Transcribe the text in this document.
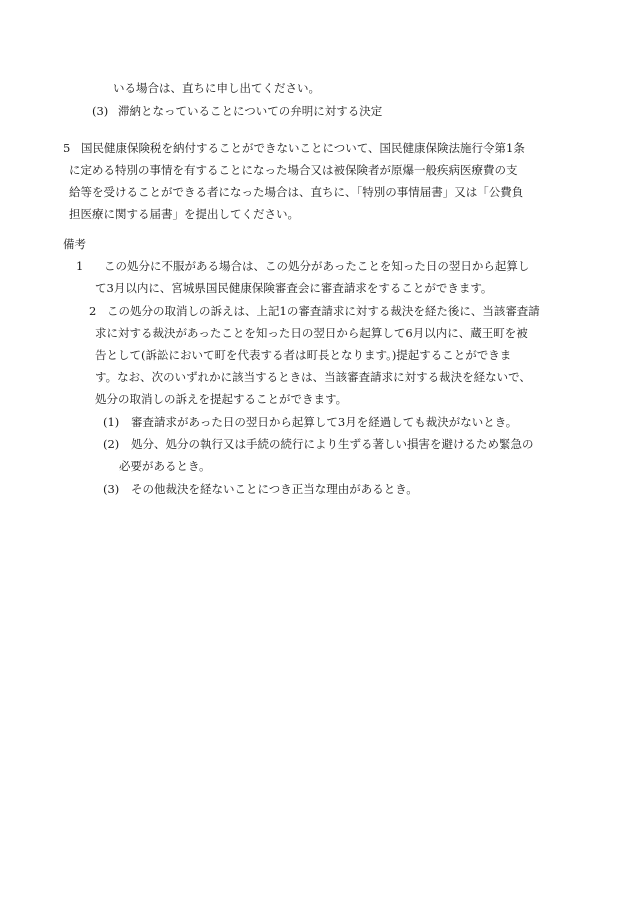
いる場合は、直ちに申し出てください。
(3) 滞納となっていることについての弁明に対する決定
5 国民健康保険税を納付することができないことについて、国民健康保険法施行令第1条
に定める特別の事情を有することになった場合又は被保険者が原爆一般疾病医療費の支
給等を受けることができる者になった場合は、直ちに、「特別の事情届書」又は「公費負
担医療に関する届書」を提出してください。
備考
1 この処分に不服がある場合は、この処分があったことを知った日の翌日から起算し
て3月以内に、宮城県国民健康保険審査会に審査請求をすることができます。
2 この処分の取消しの訴えは、上記1の審査請求に対する裁決を経た後に、当該審査請
求に対する裁決があったことを知った日の翌日から起算して6月以内に、蔵王町を被
告として(訴訟において町を代表する者は町長となります。)提起することができま
す。なお、次のいずれかに該当するときは、当該審査請求に対する裁決を経ないで、
処分の取消しの訴えを提起することができます。
(1) 審査請求があった日の翌日から起算して3月を経過しても裁決がないとき。
(2) 処分、処分の執行又は手続の続行により生ずる著しい損害を避けるため緊急の
必要があるとき。
(3) その他裁決を経ないことにつき正当な理由があるとき。
